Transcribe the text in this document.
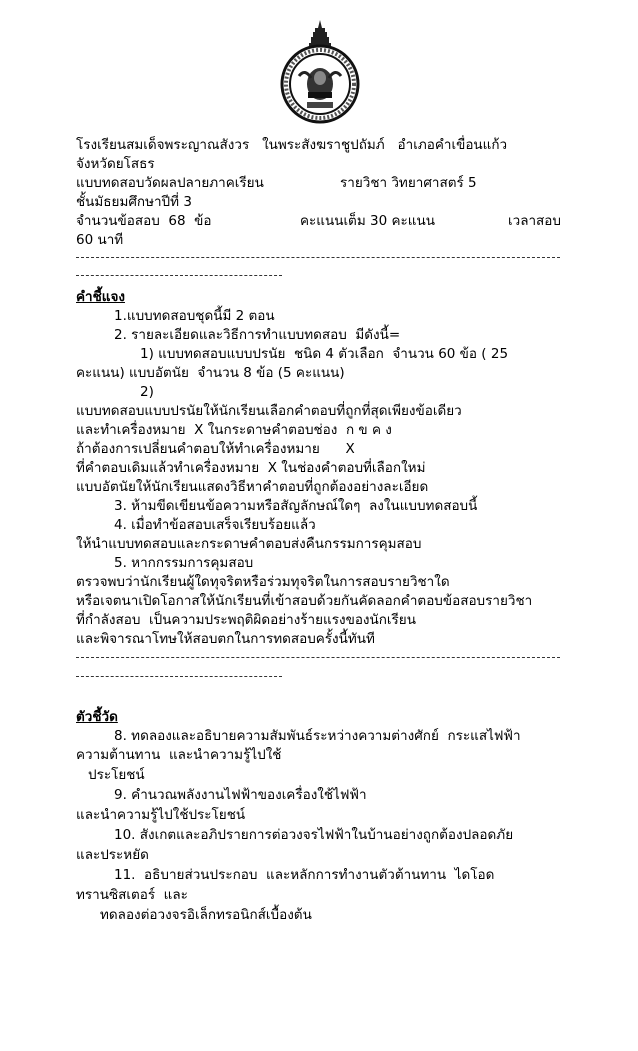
โรงเรียนสมเด็จพระญาณสังวร   ในพระสังฆราชูปถัมภ์   อำเภอคำเขื่อนแก้ว
จังหวัดยโสธร
แบบทดสอบวัดผลปลายภาคเรียน	รายวิชา วิทยาศาสตร์ 5
ชั้นมัธยมศึกษาปีที่ 3
จำนวนข้อสอบ  68  ข้อ	คะแนนเต็ม 30 คะแนน	เวลาสอบ
60 นาที
คำชี้แจง
1.แบบทดสอบชุดนี้มี 2 ตอน
2. รายละเอียดและวิธีการทำแบบทดสอบ  มีดังนี้=
1) แบบทดสอบแบบปรนัย  ชนิด 4 ตัวเลือก  จำนวน 60 ข้อ ( 25
คะแนน) แบบอัตนัย  จำนวน 8 ข้อ (5 คะแนน)
2)
แบบทดสอบแบบปรนัยให้นักเรียนเลือกคำตอบที่ถูกที่สุดเพียงข้อเดียว
และทำเครื่องหมาย  X ในกระดาษคำตอบช่อง  ก ข ค ง
ถ้าต้องการเปลี่ยนคำตอบให้ทำเครื่องหมาย      X
ที่คำตอบเดิมแล้วทำเครื่องหมาย  X ในช่องคำตอบที่เลือกใหม่
แบบอัตนัยให้นักเรียนแสดงวิธีหาคำตอบที่ถูกต้องอย่างละเอียด
3. ห้ามขีดเขียนข้อความหรือสัญลักษณ์ใดๆ  ลงในแบบทดสอบนี้
4. เมื่อทำข้อสอบเสร็จเรียบร้อยแล้ว
ให้นำแบบทดสอบและกระดาษคำตอบส่งคืนกรรมการคุมสอบ
5. หากกรรมการคุมสอบ
ตรวจพบว่านักเรียนผู้ใดทุจริตหรือร่วมทุจริตในการสอบรายวิชาใด
หรือเจตนาเปิดโอกาสให้นักเรียนที่เข้าสอบด้วยกันคัดลอกคำตอบข้อสอบรายวิชา
ที่กำลังสอบ  เป็นความประพฤติผิดอย่างร้ายแรงของนักเรียน
และพิจารณาโทษให้สอบตกในการทดสอบครั้งนี้ทันที
ตัวชี้วัด
8. ทดลองและอธิบายความสัมพันธ์ระหว่างความต่างศักย์  กระแสไฟฟ้า
ความต้านทาน  และนำความรู้ไปใช้
ประโยชน์
9. คำนวณพลังงานไฟฟ้าของเครื่องใช้ไฟฟ้า
และนำความรู้ไปใช้ประโยชน์
10. สังเกตและอภิปรายการต่อวงจรไฟฟ้าในบ้านอย่างถูกต้องปลอดภัย
และประหยัด
11.  อธิบายส่วนประกอบ  และหลักการทำงานตัวต้านทาน  ไดโอด
ทรานซิสเตอร์  และ
ทดลองต่อวงจรอิเล็กทรอนิกส์เบื้องต้น
